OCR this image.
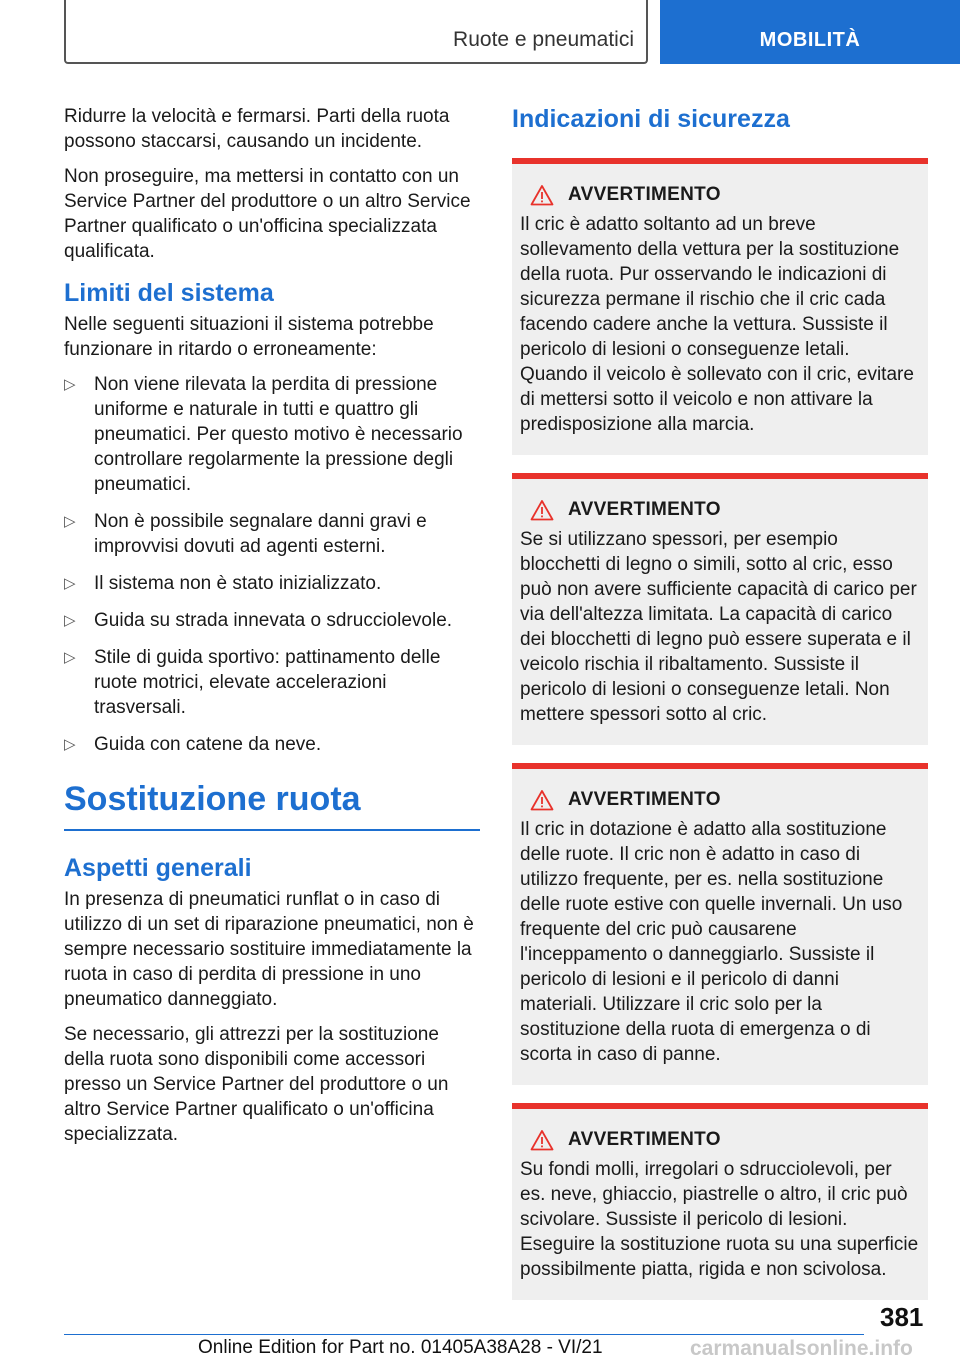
Ruote e pneumatici	MOBILITÀ

Ridurre la velocità e fermarsi. Parti della ruota possono staccarsi, causando un incidente.

Non proseguire, ma mettersi in contatto con un Service Partner del produttore o un altro Service Partner qualificato o un'officina specializzata qualificata.

Limiti del sistema

Nelle seguenti situazioni il sistema potrebbe funzionare in ritardo o erroneamente:

▷ Non viene rilevata la perdita di pressione uniforme e naturale in tutti e quattro gli pneumatici. Per questo motivo è necessario controllare regolarmente la pressione degli pneumatici.
▷ Non è possibile segnalare danni gravi e improvvisi dovuti ad agenti esterni.
▷ Il sistema non è stato inizializzato.
▷ Guida su strada innevata o sdrucciolevole.
▷ Stile di guida sportivo: pattinamento delle ruote motrici, elevate accelerazioni trasversali.
▷ Guida con catene da neve.
Sostituzione ruota
Aspetti generali

In presenza di pneumatici runflat o in caso di utilizzo di un set di riparazione pneumatici, non è sempre necessario sostituire immediatamente la ruota in caso di perdita di pressione in uno pneumatico danneggiato.

Se necessario, gli attrezzi per la sostituzione della ruota sono disponibili come accessori presso un Service Partner del produttore o un altro Service Partner qualificato o un'officina specializzata.

Indicazioni di sicurezza
AVVERTIMENTO

Il cric è adatto soltanto ad un breve sollevamento della vettura per la sostituzione della ruota. Pur osservando le indicazioni di sicurezza permane il rischio che il cric cada facendo cadere anche la vettura. Sussiste il pericolo di lesioni o conseguenze letali. Quando il veicolo è sollevato con il cric, evitare di mettersi sotto il veicolo e non attivare la predisposizione alla marcia.

AVVERTIMENTO

Se si utilizzano spessori, per esempio blocchetti di legno o simili, sotto al cric, esso può non avere sufficiente capacità di carico per via dell'altezza limitata. La capacità di carico dei blocchetti di legno può essere superata e il veicolo rischia il ribaltamento. Sussiste il pericolo di lesioni o conseguenze letali. Non mettere spessori sotto al cric.

AVVERTIMENTO

Il cric in dotazione è adatto alla sostituzione delle ruote. Il cric non è adatto in caso di utilizzo frequente, per es. nella sostituzione delle ruote estive con quelle invernali. Un uso frequente del cric può causarene l'inceppamento o danneggiarlo. Sussiste il pericolo di lesioni e il pericolo di danni materiali. Utilizzare il cric solo per la sostituzione della ruota di emergenza o di scorta in caso di panne.

AVVERTIMENTO

Su fondi molli, irregolari o sdrucciolevoli, per es. neve, ghiaccio, piastrelle o altro, il cric può scivolare. Sussiste il pericolo di lesioni. Eseguire la sostituzione ruota su una superficie possibilmente piatta, rigida e non scivolosa.

381
Online Edition for Part no. 01405A38A28 - VI/21	carmanualsonline.info
